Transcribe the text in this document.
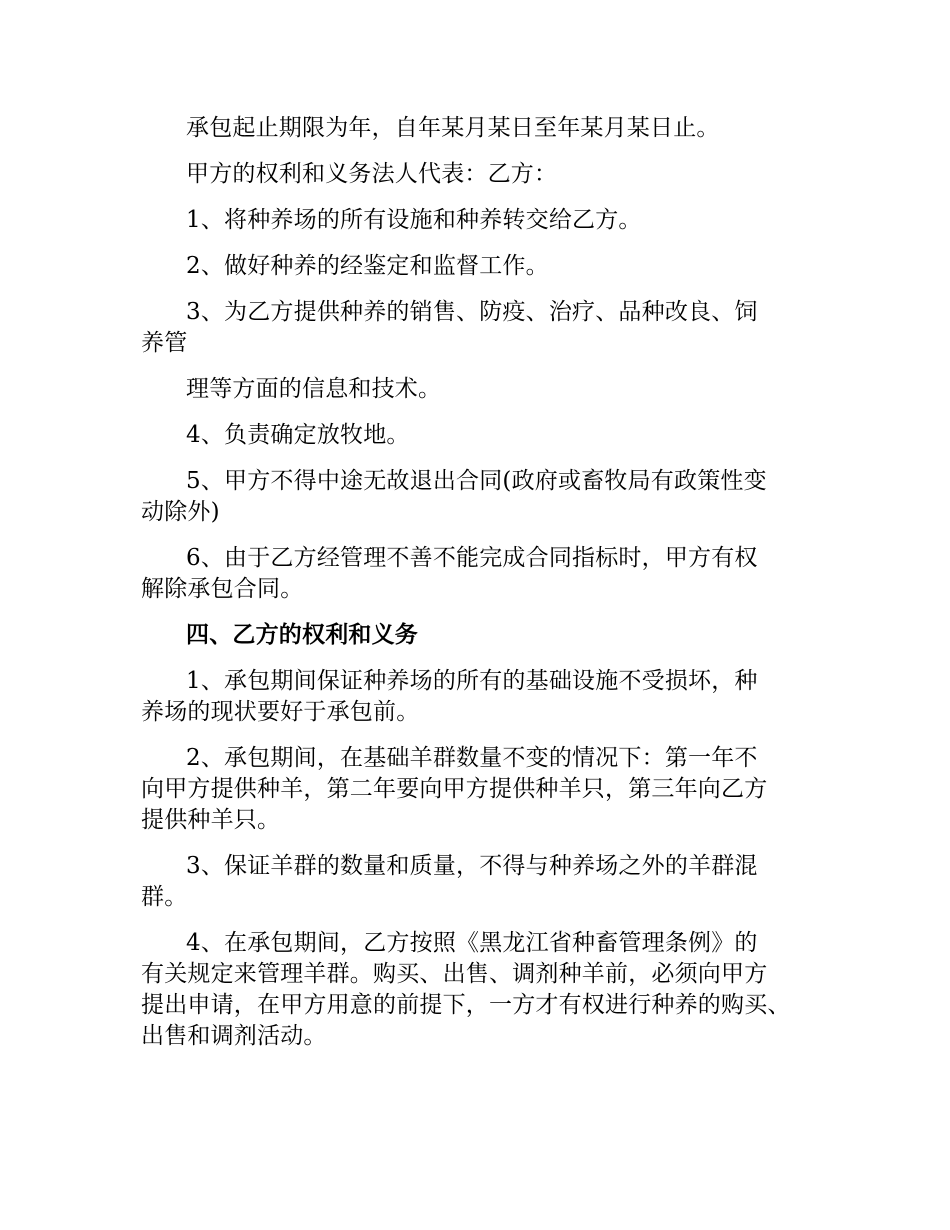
承包起止期限为年，自年某月某日至年某月某日止。
甲方的权利和义务法人代表：乙方：
1、将种养场的所有设施和种养转交给乙方。
2、做好种养的经鉴定和监督工作。
3、为乙方提供种养的销售、防疫、治疗、品种改良、饲
养管
理等方面的信息和技术。
4、负责确定放牧地。
5、甲方不得中途无故退出合同(政府或畜牧局有政策性变
动除外)
6、由于乙方经管理不善不能完成合同指标时，甲方有权
解除承包合同。
四、乙方的权利和义务
1、承包期间保证种养场的所有的基础设施不受损坏，种
养场的现状要好于承包前。
2、承包期间，在基础羊群数量不变的情况下：第一年不
向甲方提供种羊，第二年要向甲方提供种羊只，第三年向乙方
提供种羊只。
3、保证羊群的数量和质量，不得与种养场之外的羊群混
群。
4、在承包期间，乙方按照《黑龙江省种畜管理条例》的
有关规定来管理羊群。购买、出售、调剂种羊前，必须向甲方
提出申请，在甲方用意的前提下，一方才有权进行种养的购买、
出售和调剂活动。
